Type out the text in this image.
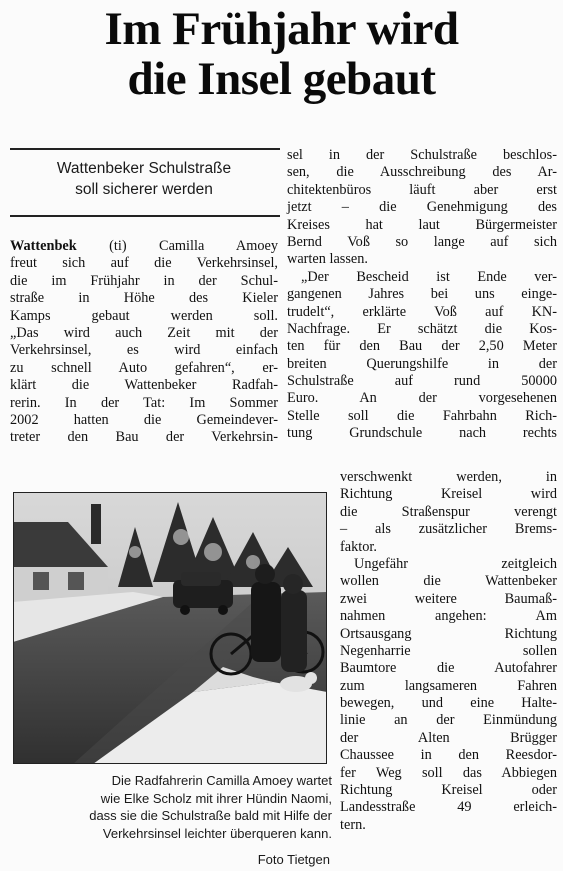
Im Frühjahr wird
die Insel gebaut
Wattenbeker Schulstraße
soll sicherer werden
Wattenbek (ti) Camilla Amoey
freut sich auf die Verkehrsinsel,
die im Frühjahr in der Schul-
straße in Höhe des Kieler
Kamps gebaut werden soll.
„Das wird auch Zeit mit der
Verkehrsinsel, es wird einfach
zu schnell Auto gefahren“, er-
klärt die Wattenbeker Radfah-
rerin. In der Tat: Im Sommer
2002 hatten die Gemeindever-
treter den Bau der Verkehrsin-
sel in der Schulstraße beschlos-
sen, die Ausschreibung des Ar-
chitektenbüros läuft aber erst
jetzt – die Genehmigung des
Kreises hat laut Bürgermeister
Bernd Voß so lange auf sich
warten lassen.
„Der Bescheid ist Ende ver-
gangenen Jahres bei uns einge-
trudelt“, erklärte Voß auf KN-
Nachfrage. Er schätzt die Kos-
ten für den Bau der 2,50 Meter
breiten Querungshilfe in der
Schulstraße auf rund 50000
Euro. An der vorgesehenen
Stelle soll die Fahrbahn Rich-
tung Grundschule nach rechts
verschwenkt werden, in
Richtung Kreisel wird
die Straßenspur verengt
– als zusätzlicher Brems-
faktor.
Ungefähr zeitgleich
wollen die Wattenbeker
zwei weitere Baumaß-
nahmen angehen: Am
Ortsausgang Richtung
Negenharrie sollen
Baumtore die Autofahrer
zum langsameren Fahren
bewegen, und eine Halte-
linie an der Einmündung
der Alten Brügger
Chaussee in den Reesdor-
fer Weg soll das Abbiegen
Richtung Kreisel oder
Landesstraße 49 erleich-
tern.
Die Radfahrerin Camilla Amoey wartet
wie Elke Scholz mit ihrer Hündin Naomi,
dass sie die Schulstraße bald mit Hilfe der
Verkehrsinsel leichter überqueren kann.
Foto Tietgen
